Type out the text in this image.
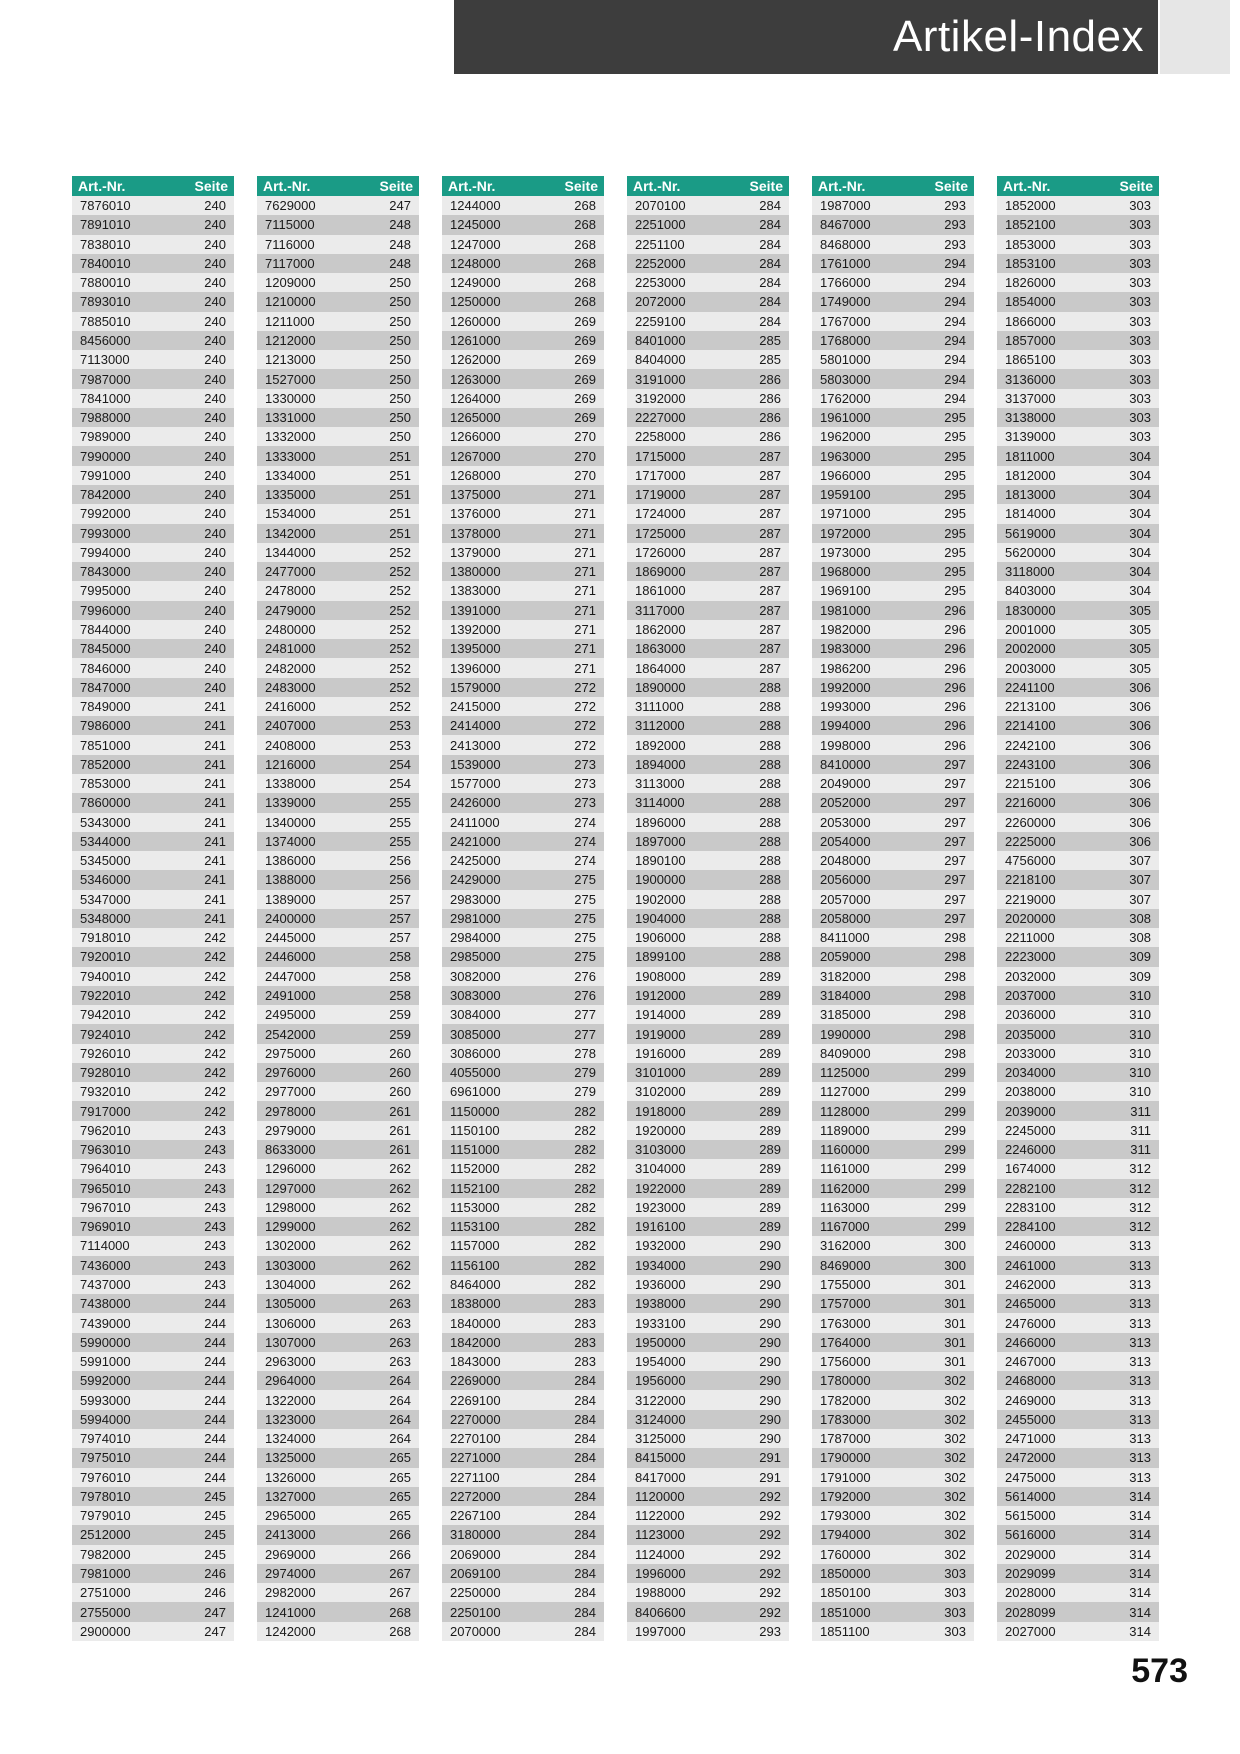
Artikel-Index
Art.-Nr.	Seite
7876010	240
7891010	240
7838010	240
7840010	240
7880010	240
7893010	240
7885010	240
8456000	240
7113000	240
7987000	240
7841000	240
7988000	240
7989000	240
7990000	240
7991000	240
7842000	240
7992000	240
7993000	240
7994000	240
7843000	240
7995000	240
7996000	240
7844000	240
7845000	240
7846000	240
7847000	240
7849000	241
7986000	241
7851000	241
7852000	241
7853000	241
7860000	241
5343000	241
5344000	241
5345000	241
5346000	241
5347000	241
5348000	241
7918010	242
7920010	242
7940010	242
7922010	242
7942010	242
7924010	242
7926010	242
7928010	242
7932010	242
7917000	242
7962010	243
7963010	243
7964010	243
7965010	243
7967010	243
7969010	243
7114000	243
7436000	243
7437000	243
7438000	244
7439000	244
5990000	244
5991000	244
5992000	244
5993000	244
5994000	244
7974010	244
7975010	244
7976010	244
7978010	245
7979010	245
2512000	245
7982000	245
7981000	246
2751000	246
2755000	247
2900000	247
Art.-Nr.	Seite
7629000	247
7115000	248
7116000	248
7117000	248
1209000	250
1210000	250
1211000	250
1212000	250
1213000	250
1527000	250
1330000	250
1331000	250
1332000	250
1333000	251
1334000	251
1335000	251
1534000	251
1342000	251
1344000	252
2477000	252
2478000	252
2479000	252
2480000	252
2481000	252
2482000	252
2483000	252
2416000	252
2407000	253
2408000	253
1216000	254
1338000	254
1339000	255
1340000	255
1374000	255
1386000	256
1388000	256
1389000	257
2400000	257
2445000	257
2446000	258
2447000	258
2491000	258
2495000	259
2542000	259
2975000	260
2976000	260
2977000	260
2978000	261
2979000	261
8633000	261
1296000	262
1297000	262
1298000	262
1299000	262
1302000	262
1303000	262
1304000	262
1305000	263
1306000	263
1307000	263
2963000	263
2964000	264
1322000	264
1323000	264
1324000	264
1325000	265
1326000	265
1327000	265
2965000	265
2413000	266
2969000	266
2974000	267
2982000	267
1241000	268
1242000	268
Art.-Nr.	Seite
1244000	268
1245000	268
1247000	268
1248000	268
1249000	268
1250000	268
1260000	269
1261000	269
1262000	269
1263000	269
1264000	269
1265000	269
1266000	270
1267000	270
1268000	270
1375000	271
1376000	271
1378000	271
1379000	271
1380000	271
1383000	271
1391000	271
1392000	271
1395000	271
1396000	271
1579000	272
2415000	272
2414000	272
2413000	272
1539000	273
1577000	273
2426000	273
2411000	274
2421000	274
2425000	274
2429000	275
2983000	275
2981000	275
2984000	275
2985000	275
3082000	276
3083000	276
3084000	277
3085000	277
3086000	278
4055000	279
6961000	279
1150000	282
1150100	282
1151000	282
1152000	282
1152100	282
1153000	282
1153100	282
1157000	282
1156100	282
8464000	282
1838000	283
1840000	283
1842000	283
1843000	283
2269000	284
2269100	284
2270000	284
2270100	284
2271000	284
2271100	284
2272000	284
2267100	284
3180000	284
2069000	284
2069100	284
2250000	284
2250100	284
2070000	284
Art.-Nr.	Seite
2070100	284
2251000	284
2251100	284
2252000	284
2253000	284
2072000	284
2259100	284
8401000	285
8404000	285
3191000	286
3192000	286
2227000	286
2258000	286
1715000	287
1717000	287
1719000	287
1724000	287
1725000	287
1726000	287
1869000	287
1861000	287
3117000	287
1862000	287
1863000	287
1864000	287
1890000	288
3111000	288
3112000	288
1892000	288
1894000	288
3113000	288
3114000	288
1896000	288
1897000	288
1890100	288
1900000	288
1902000	288
1904000	288
1906000	288
1899100	288
1908000	289
1912000	289
1914000	289
1919000	289
1916000	289
3101000	289
3102000	289
1918000	289
1920000	289
3103000	289
3104000	289
1922000	289
1923000	289
1916100	289
1932000	290
1934000	290
1936000	290
1938000	290
1933100	290
1950000	290
1954000	290
1956000	290
3122000	290
3124000	290
3125000	290
8415000	291
8417000	291
1120000	292
1122000	292
1123000	292
1124000	292
1996000	292
1988000	292
8406600	292
1997000	293
Art.-Nr.	Seite
1987000	293
8467000	293
8468000	293
1761000	294
1766000	294
1749000	294
1767000	294
1768000	294
5801000	294
5803000	294
1762000	294
1961000	295
1962000	295
1963000	295
1966000	295
1959100	295
1971000	295
1972000	295
1973000	295
1968000	295
1969100	295
1981000	296
1982000	296
1983000	296
1986200	296
1992000	296
1993000	296
1994000	296
1998000	296
8410000	297
2049000	297
2052000	297
2053000	297
2054000	297
2048000	297
2056000	297
2057000	297
2058000	297
8411000	298
2059000	298
3182000	298
3184000	298
3185000	298
1990000	298
8409000	298
1125000	299
1127000	299
1128000	299
1189000	299
1160000	299
1161000	299
1162000	299
1163000	299
1167000	299
3162000	300
8469000	300
1755000	301
1757000	301
1763000	301
1764000	301
1756000	301
1780000	302
1782000	302
1783000	302
1787000	302
1790000	302
1791000	302
1792000	302
1793000	302
1794000	302
1760000	302
1850000	303
1850100	303
1851000	303
1851100	303
Art.-Nr.	Seite
1852000	303
1852100	303
1853000	303
1853100	303
1826000	303
1854000	303
1866000	303
1857000	303
1865100	303
3136000	303
3137000	303
3138000	303
3139000	303
1811000	304
1812000	304
1813000	304
1814000	304
5619000	304
5620000	304
3118000	304
8403000	304
1830000	305
2001000	305
2002000	305
2003000	305
2241100	306
2213100	306
2214100	306
2242100	306
2243100	306
2215100	306
2216000	306
2260000	306
2225000	306
4756000	307
2218100	307
2219000	307
2020000	308
2211000	308
2223000	309
2032000	309
2037000	310
2036000	310
2035000	310
2033000	310
2034000	310
2038000	310
2039000	311
2245000	311
2246000	311
1674000	312
2282100	312
2283100	312
2284100	312
2460000	313
2461000	313
2462000	313
2465000	313
2476000	313
2466000	313
2467000	313
2468000	313
2469000	313
2455000	313
2471000	313
2472000	313
2475000	313
5614000	314
5615000	314
5616000	314
2029000	314
2029099	314
2028000	314
2028099	314
2027000	314
573
